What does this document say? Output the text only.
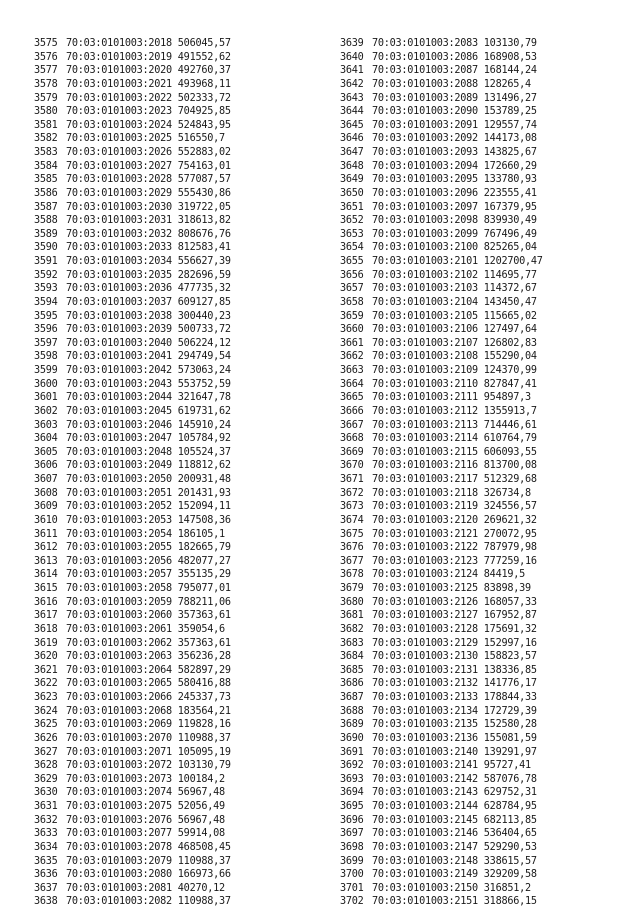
3575 70:03:0101003:2018 506045,57
3576 70:03:0101003:2019 491552,62
3577 70:03:0101003:2020 492760,37
3578 70:03:0101003:2021 493968,11
3579 70:03:0101003:2022 502333,72
3580 70:03:0101003:2023 704925,85
3581 70:03:0101003:2024 524843,95
3582 70:03:0101003:2025 516550,7
3583 70:03:0101003:2026 552883,02
3584 70:03:0101003:2027 754163,01
3585 70:03:0101003:2028 577087,57
3586 70:03:0101003:2029 555430,86
3587 70:03:0101003:2030 319722,05
3588 70:03:0101003:2031 318613,82
3589 70:03:0101003:2032 808676,76
3590 70:03:0101003:2033 812583,41
3591 70:03:0101003:2034 556627,39
3592 70:03:0101003:2035 282696,59
3593 70:03:0101003:2036 477735,32
3594 70:03:0101003:2037 609127,85
3595 70:03:0101003:2038 300440,23
3596 70:03:0101003:2039 500733,72
3597 70:03:0101003:2040 506224,12
3598 70:03:0101003:2041 294749,54
3599 70:03:0101003:2042 573063,24
3600 70:03:0101003:2043 553752,59
3601 70:03:0101003:2044 321647,78
3602 70:03:0101003:2045 619731,62
3603 70:03:0101003:2046 145910,24
3604 70:03:0101003:2047 105784,92
3605 70:03:0101003:2048 105524,37
3606 70:03:0101003:2049 118812,62
3607 70:03:0101003:2050 200931,48
3608 70:03:0101003:2051 201431,93
3609 70:03:0101003:2052 152094,11
3610 70:03:0101003:2053 147508,36
3611 70:03:0101003:2054 186105,1
3612 70:03:0101003:2055 182665,79
3613 70:03:0101003:2056 482077,27
3614 70:03:0101003:2057 355135,29
3615 70:03:0101003:2058 795077,01
3616 70:03:0101003:2059 788211,06
3617 70:03:0101003:2060 357363,61
3618 70:03:0101003:2061 359054,6
3619 70:03:0101003:2062 357363,61
3620 70:03:0101003:2063 356236,28
3621 70:03:0101003:2064 582897,29
3622 70:03:0101003:2065 580416,88
3623 70:03:0101003:2066 245337,73
3624 70:03:0101003:2068 183564,21
3625 70:03:0101003:2069 119828,16
3626 70:03:0101003:2070 110988,37
3627 70:03:0101003:2071 105095,19
3628 70:03:0101003:2072 103130,79
3629 70:03:0101003:2073 100184,2
3630 70:03:0101003:2074 56967,48
3631 70:03:0101003:2075 52056,49
3632 70:03:0101003:2076 56967,48
3633 70:03:0101003:2077 59914,08
3634 70:03:0101003:2078 468508,45
3635 70:03:0101003:2079 110988,37
3636 70:03:0101003:2080 166973,66
3637 70:03:0101003:2081 40270,12
3638 70:03:0101003:2082 110988,37
3639 70:03:0101003:2083 103130,79
3640 70:03:0101003:2086 168908,53
3641 70:03:0101003:2087 168144,24
3642 70:03:0101003:2088 128265,4
3643 70:03:0101003:2089 131496,27
3644 70:03:0101003:2090 153789,25
3645 70:03:0101003:2091 129557,74
3646 70:03:0101003:2092 144173,08
3647 70:03:0101003:2093 143825,67
3648 70:03:0101003:2094 172660,29
3649 70:03:0101003:2095 133780,93
3650 70:03:0101003:2096 223555,41
3651 70:03:0101003:2097 167379,95
3652 70:03:0101003:2098 839930,49
3653 70:03:0101003:2099 767496,49
3654 70:03:0101003:2100 825265,04
3655 70:03:0101003:2101 1202700,47
3656 70:03:0101003:2102 114695,77
3657 70:03:0101003:2103 114372,67
3658 70:03:0101003:2104 143450,47
3659 70:03:0101003:2105 115665,02
3660 70:03:0101003:2106 127497,64
3661 70:03:0101003:2107 126802,83
3662 70:03:0101003:2108 155290,04
3663 70:03:0101003:2109 124370,99
3664 70:03:0101003:2110 827847,41
3665 70:03:0101003:2111 954897,3
3666 70:03:0101003:2112 1355913,7
3667 70:03:0101003:2113 714446,61
3668 70:03:0101003:2114 610764,79
3669 70:03:0101003:2115 606093,55
3670 70:03:0101003:2116 813700,08
3671 70:03:0101003:2117 512329,68
3672 70:03:0101003:2118 326734,8
3673 70:03:0101003:2119 324556,57
3674 70:03:0101003:2120 269621,32
3675 70:03:0101003:2121 270072,95
3676 70:03:0101003:2122 787979,98
3677 70:03:0101003:2123 777259,16
3678 70:03:0101003:2124 84419,5
3679 70:03:0101003:2125 83898,39
3680 70:03:0101003:2126 168057,33
3681 70:03:0101003:2127 167952,87
3682 70:03:0101003:2128 175691,32
3683 70:03:0101003:2129 152997,16
3684 70:03:0101003:2130 158823,57
3685 70:03:0101003:2131 138336,85
3686 70:03:0101003:2132 141776,17
3687 70:03:0101003:2133 178844,33
3688 70:03:0101003:2134 172729,39
3689 70:03:0101003:2135 152580,28
3690 70:03:0101003:2136 155081,59
3691 70:03:0101003:2140 139291,97
3692 70:03:0101003:2141 95727,41
3693 70:03:0101003:2142 587076,78
3694 70:03:0101003:2143 629752,31
3695 70:03:0101003:2144 628784,95
3696 70:03:0101003:2145 682113,85
3697 70:03:0101003:2146 536404,65
3698 70:03:0101003:2147 529290,53
3699 70:03:0101003:2148 338615,57
3700 70:03:0101003:2149 329209,58
3701 70:03:0101003:2150 316851,2
3702 70:03:0101003:2151 318866,15
